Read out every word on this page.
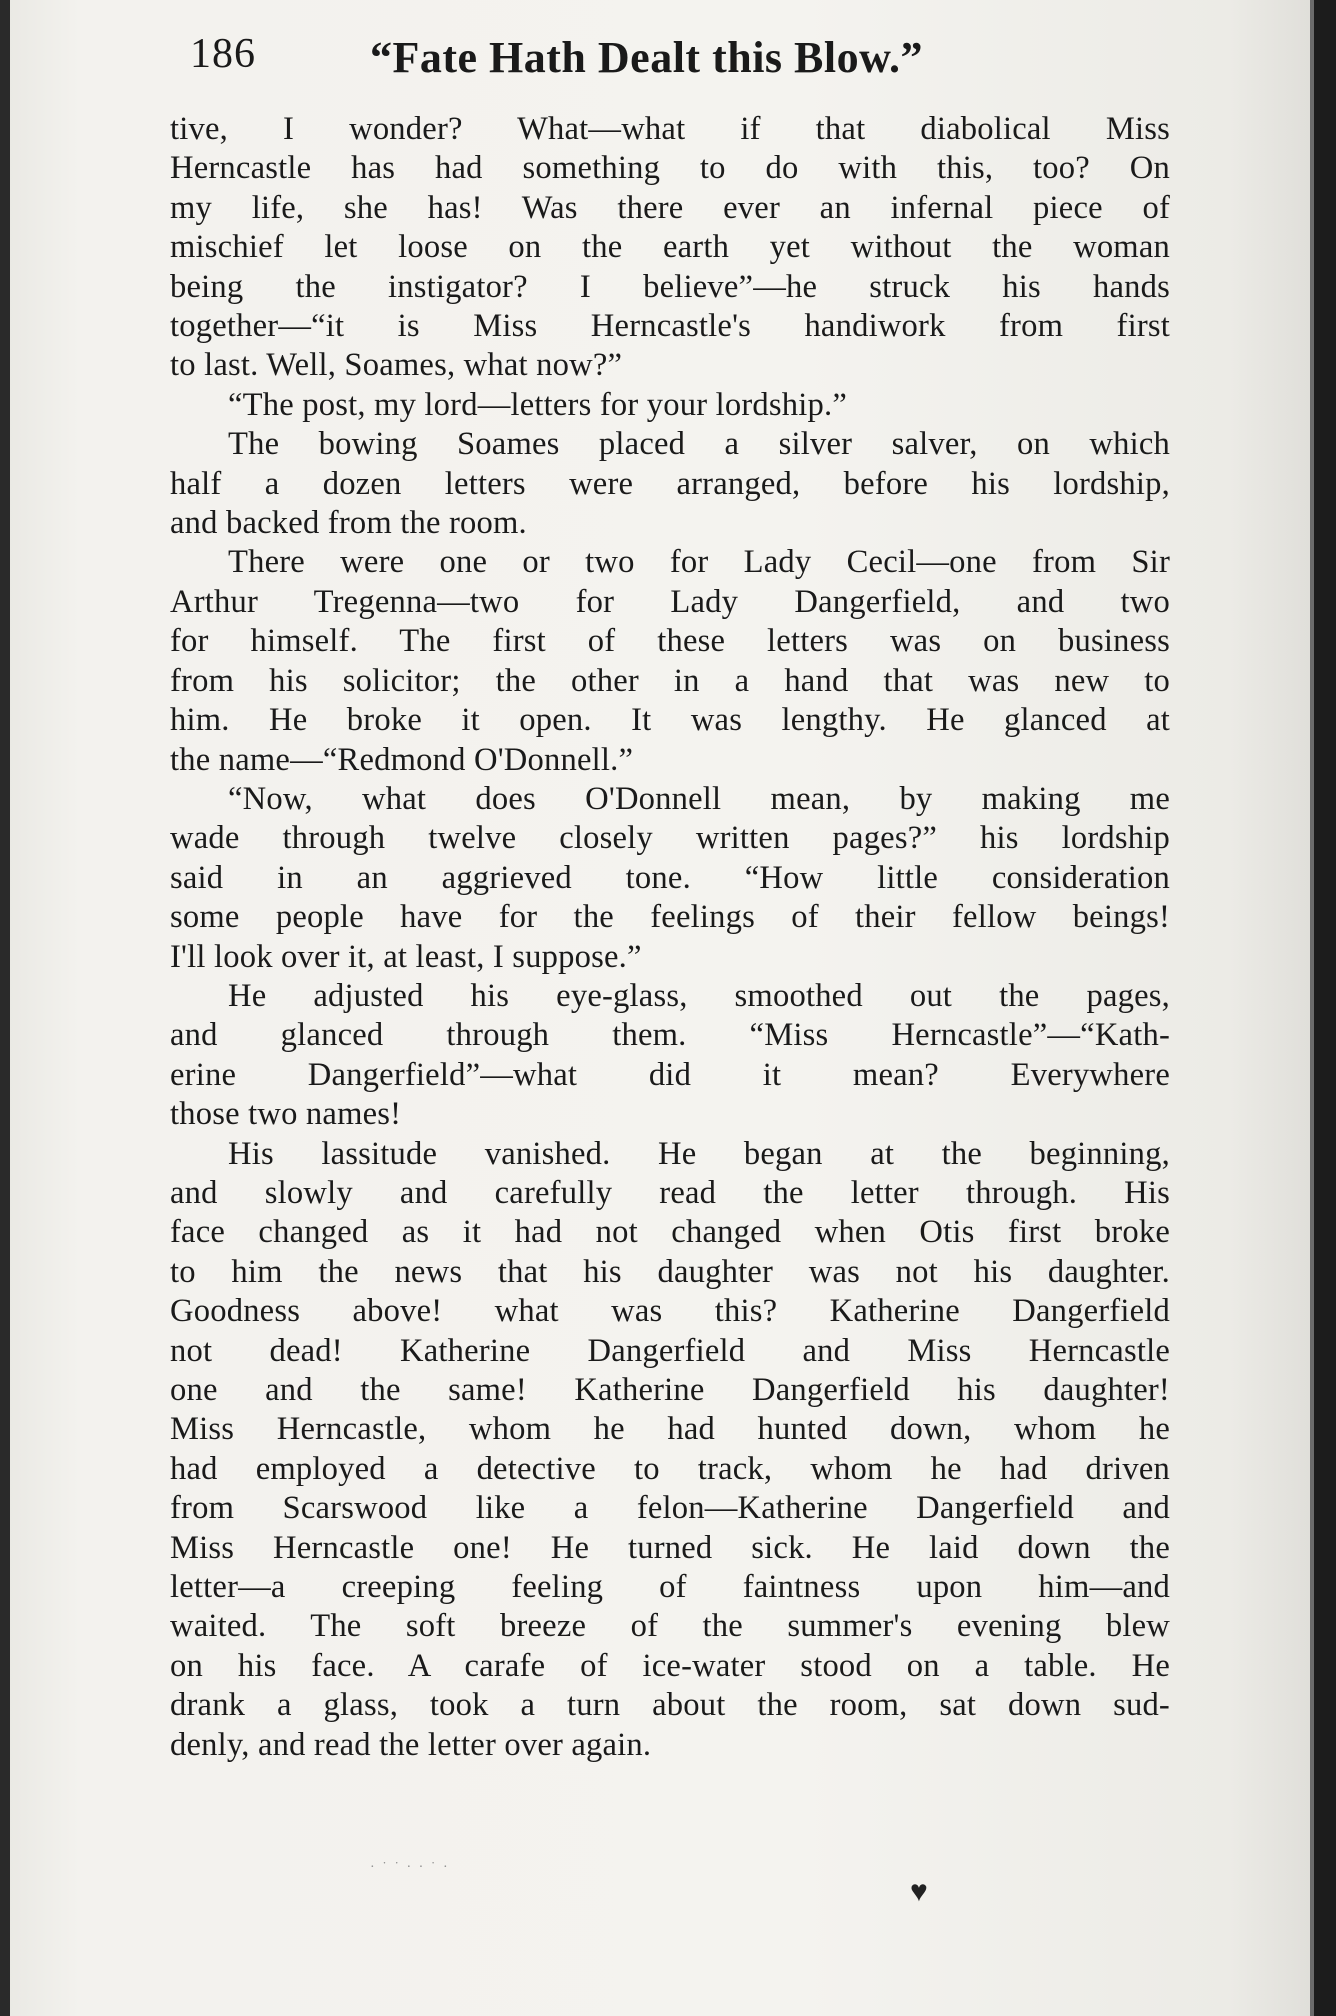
186	“Fate Hath Dealt this Blow.”
tive, I wonder? What—what if that diabolical Miss
Herncastle has had something to do with this, too? On
my life, she has! Was there ever an infernal piece of
mischief let loose on the earth yet without the woman
being the instigator? I believe”—he struck his hands
together—“it is Miss Herncastle's handiwork from first
to last. Well, Soames, what now?”
“The post, my lord—letters for your lordship.”
The bowing Soames placed a silver salver, on which
half a dozen letters were arranged, before his lordship,
and backed from the room.
There were one or two for Lady Cecil—one from Sir
Arthur Tregenna—two for Lady Dangerfield, and two
for himself. The first of these letters was on business
from his solicitor; the other in a hand that was new to
him. He broke it open. It was lengthy. He glanced at
the name—“Redmond O'Donnell.”
“Now, what does O'Donnell mean, by making me
wade through twelve closely written pages?” his lordship
said in an aggrieved tone. “How little consideration
some people have for the feelings of their fellow beings!
I'll look over it, at least, I suppose.”
He adjusted his eye-glass, smoothed out the pages,
and glanced through them. “Miss Herncastle”—“Kath-
erine Dangerfield”—what did it mean? Everywhere
those two names!
His lassitude vanished. He began at the beginning,
and slowly and carefully read the letter through. His
face changed as it had not changed when Otis first broke
to him the news that his daughter was not his daughter.
Goodness above! what was this? Katherine Dangerfield
not dead! Katherine Dangerfield and Miss Herncastle
one and the same! Katherine Dangerfield his daughter!
Miss Herncastle, whom he had hunted down, whom he
had employed a detective to track, whom he had driven
from Scarswood like a felon—Katherine Dangerfield and
Miss Herncastle one! He turned sick. He laid down the
letter—a creeping feeling of faintness upon him—and
waited. The soft breeze of the summer's evening blew
on his face. A carafe of ice-water stood on a table. He
drank a glass, took a turn about the room, sat down sud-
denly, and read the letter over again.
· ˙ ˙ · · ˙ ·
♥
